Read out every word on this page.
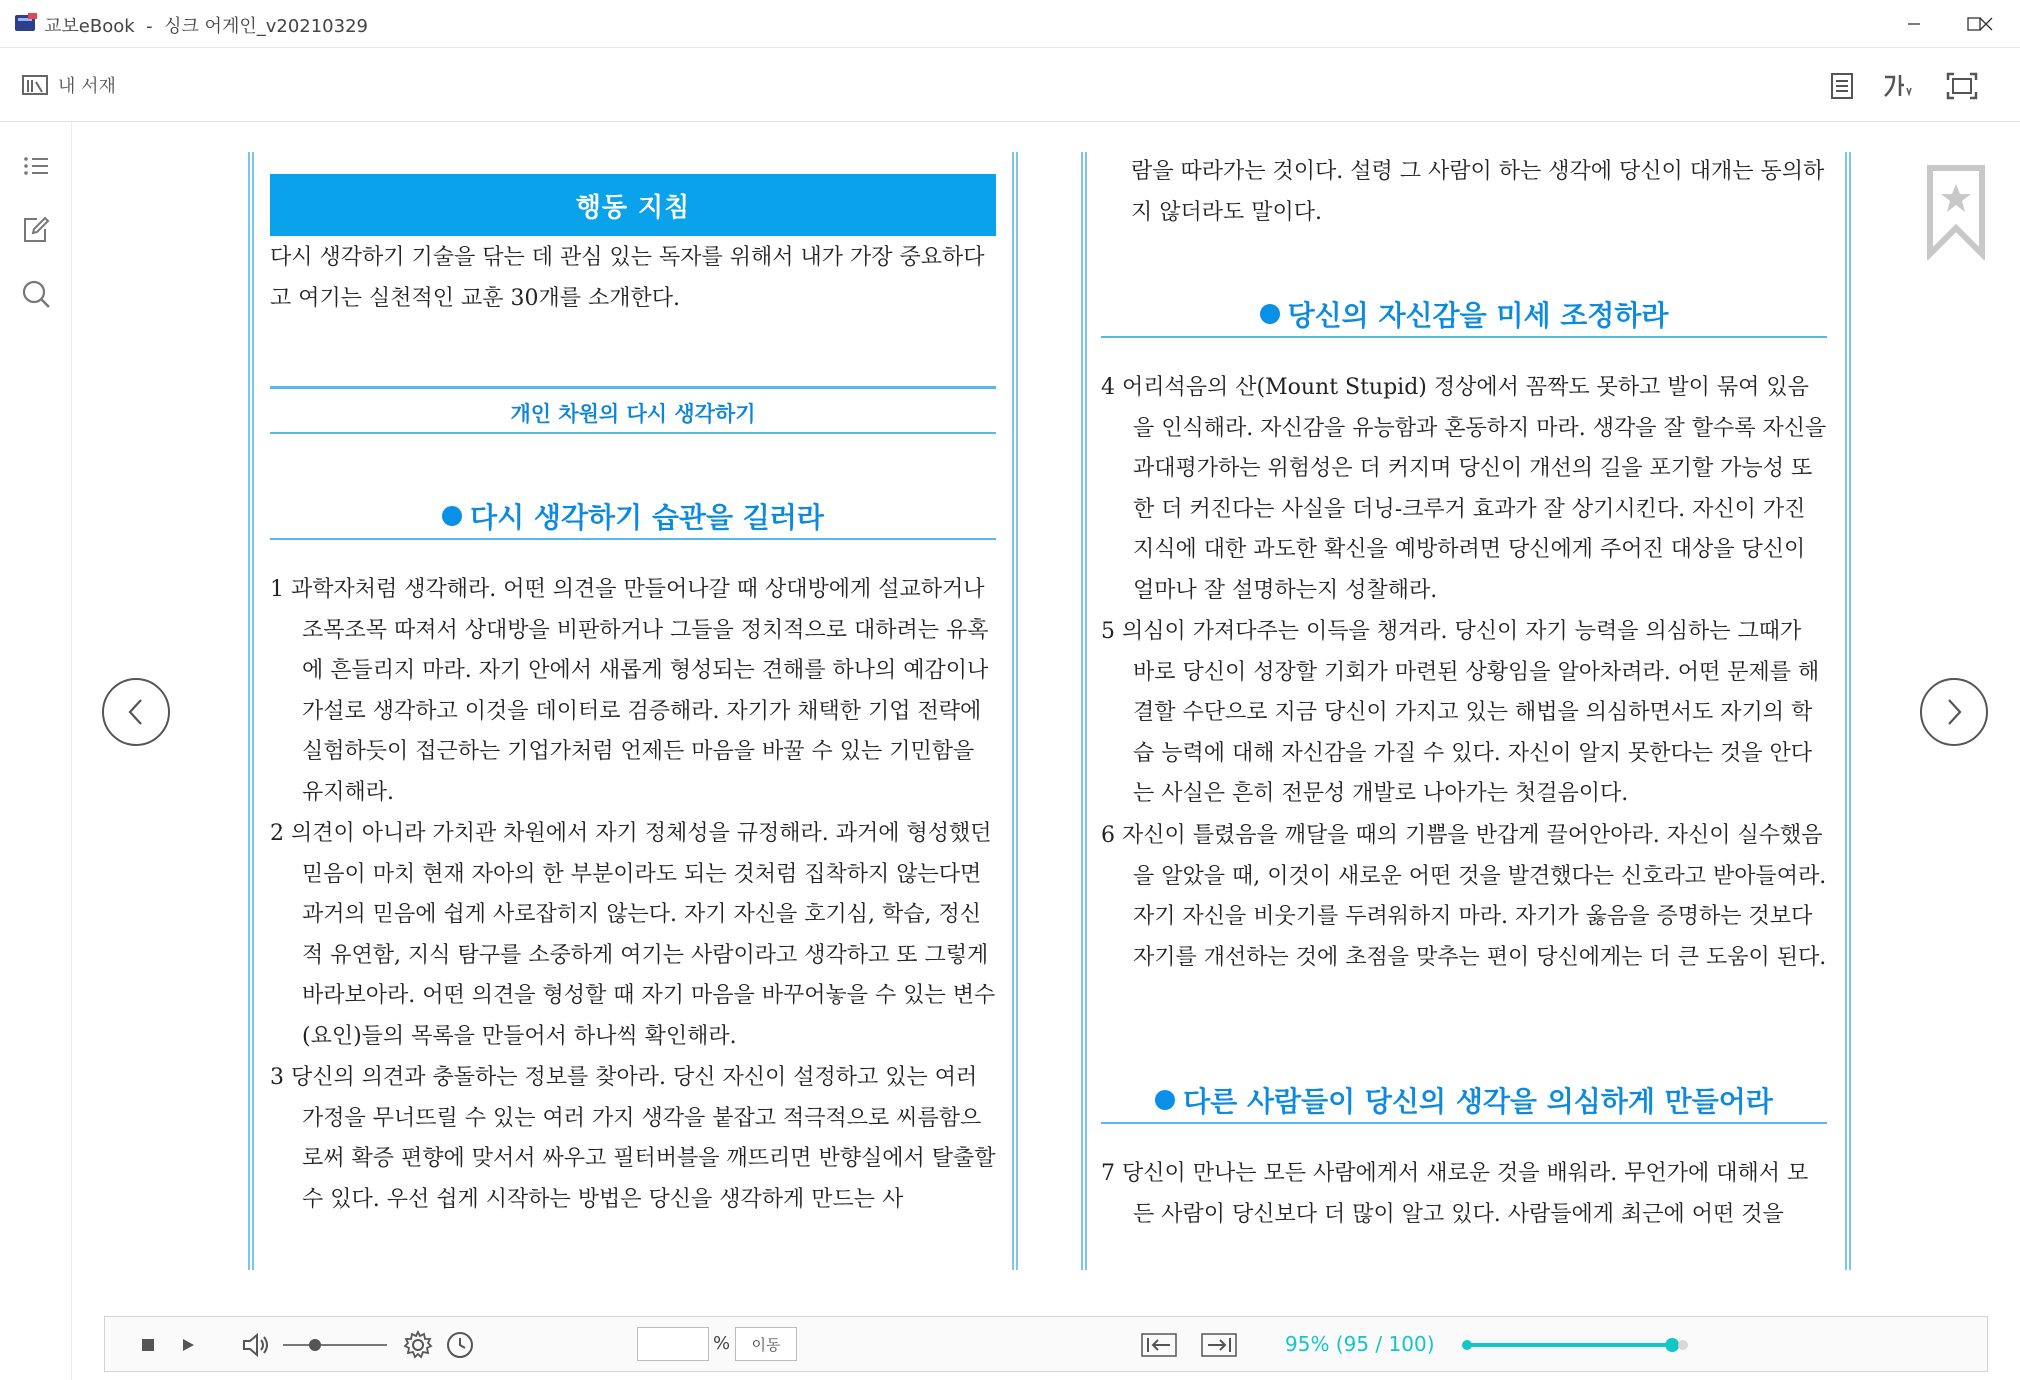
교보eBook - 싱크 어게인_v20210329
내 서재
행동 지침
다시 생각하기 기술을 닦는 데 관심 있는 독자를 위해서 내가 가장 중요하다고 여기는 실천적인 교훈 30개를 소개한다.
개인 차원의 다시 생각하기
다시 생각하기 습관을 길러라
1 과학자처럼 생각해라. 어떤 의견을 만들어나갈 때 상대방에게 설교하거나 조목조목 따져서 상대방을 비판하거나 그들을 정치적으로 대하려는 유혹에 흔들리지 마라. 자기 안에서 새롭게 형성되는 견해를 하나의 예감이나 가설로 생각하고 이것을 데이터로 검증해라. 자기가 채택한 기업 전략에 실험하듯이 접근하는 기업가처럼 언제든 마음을 바꿀 수 있는 기민함을 유지해라.
2 의견이 아니라 가치관 차원에서 자기 정체성을 규정해라. 과거에 형성했던 믿음이 마치 현재 자아의 한 부분이라도 되는 것처럼 집착하지 않는다면 과거의 믿음에 쉽게 사로잡히지 않는다. 자기 자신을 호기심, 학습, 정신적 유연함, 지식 탐구를 소중하게 여기는 사람이라고 생각하고 또 그렇게 바라보아라. 어떤 의견을 형성할 때 자기 마음을 바꾸어놓을 수 있는 변수(요인)들의 목록을 만들어서 하나씩 확인해라.
3 당신의 의견과 충돌하는 정보를 찾아라. 당신 자신이 설정하고 있는 여러 가정을 무너뜨릴 수 있는 여러 가지 생각을 붙잡고 적극적으로 씨름함으로써 확증 편향에 맞서서 싸우고 필터버블을 깨뜨리면 반향실에서 탈출할 수 있다. 우선 쉽게 시작하는 방법은 당신을 생각하게 만드는 사
람을 따라가는 것이다. 설령 그 사람이 하는 생각에 당신이 대개는 동의하지 않더라도 말이다.
당신의 자신감을 미세 조정하라
4 어리석음의 산(Mount Stupid) 정상에서 꼼짝도 못하고 발이 묶여 있음을 인식해라. 자신감을 유능함과 혼동하지 마라. 생각을 잘 할수록 자신을 과대평가하는 위험성은 더 커지며 당신이 개선의 길을 포기할 가능성 또한 더 커진다는 사실을 더닝-크루거 효과가 잘 상기시킨다. 자신이 가진 지식에 대한 과도한 확신을 예방하려면 당신에게 주어진 대상을 당신이 얼마나 잘 설명하는지 성찰해라.
5 의심이 가져다주는 이득을 챙겨라. 당신이 자기 능력을 의심하는 그때가 바로 당신이 성장할 기회가 마련된 상황임을 알아차려라. 어떤 문제를 해결할 수단으로 지금 당신이 가지고 있는 해법을 의심하면서도 자기의 학습 능력에 대해 자신감을 가질 수 있다. 자신이 알지 못한다는 것을 안다는 사실은 흔히 전문성 개발로 나아가는 첫걸음이다.
6 자신이 틀렸음을 깨달을 때의 기쁨을 반갑게 끌어안아라. 자신이 실수했음을 알았을 때, 이것이 새로운 어떤 것을 발견했다는 신호라고 받아들여라. 자기 자신을 비웃기를 두려워하지 마라. 자기가 옳음을 증명하는 것보다 자기를 개선하는 것에 초점을 맞추는 편이 당신에게는 더 큰 도움이 된다.
다른 사람들이 당신의 생각을 의심하게 만들어라
7 당신이 만나는 모든 사람에게서 새로운 것을 배워라. 무언가에 대해서 모든 사람이 당신보다 더 많이 알고 있다. 사람들에게 최근에 어떤 것을
%	이동	95% (95 / 100)
